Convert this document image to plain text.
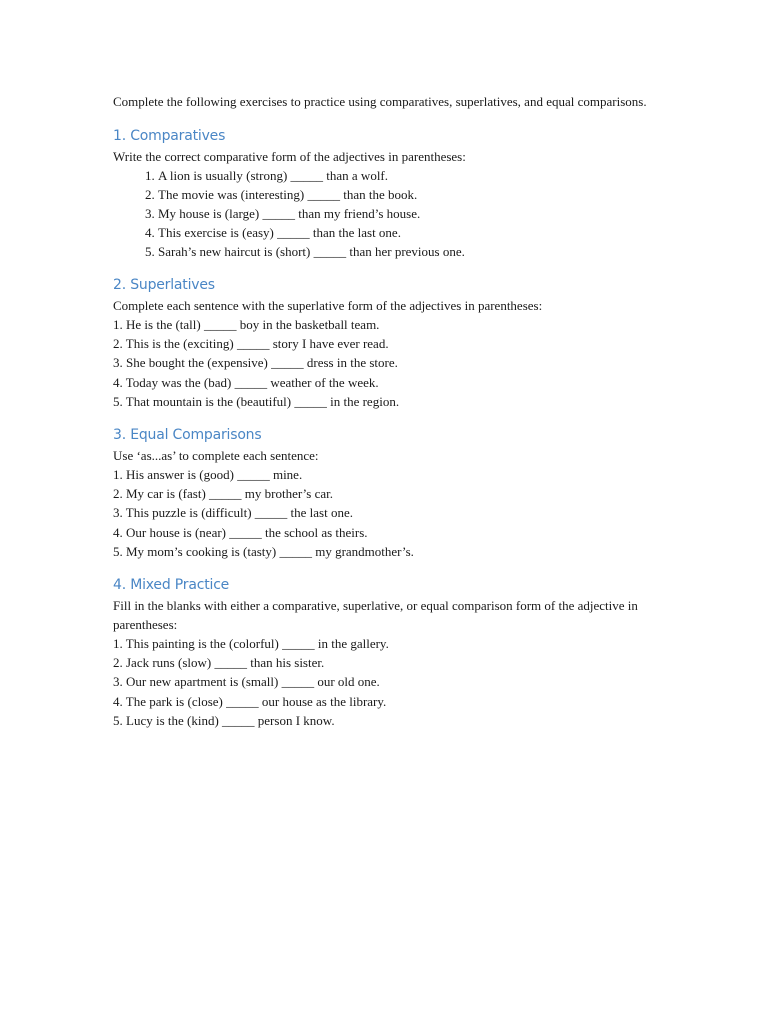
Complete the following exercises to practice using comparatives, superlatives, and equal comparisons.

1. Comparatives

Write the correct comparative form of the adjectives in parentheses:

1. A lion is usually (strong) _____ than a wolf.
2. The movie was (interesting) _____ than the book.
3. My house is (large) _____ than my friend’s house.
4. This exercise is (easy) _____ than the last one.
5. Sarah’s new haircut is (short) _____ than her previous one.
2. Superlatives

Complete each sentence with the superlative form of the adjectives in parentheses:

1. He is the (tall) _____ boy in the basketball team.
2. This is the (exciting) _____ story I have ever read.
3. She bought the (expensive) _____ dress in the store.
4. Today was the (bad) _____ weather of the week.
5. That mountain is the (beautiful) _____ in the region.
3. Equal Comparisons

Use ‘as...as’ to complete each sentence:

1. His answer is (good) _____ mine.
2. My car is (fast) _____ my brother’s car.
3. This puzzle is (difficult) _____ the last one.
4. Our house is (near) _____ the school as theirs.
5. My mom’s cooking is (tasty) _____ my grandmother’s.
4. Mixed Practice

Fill in the blanks with either a comparative, superlative, or equal comparison form of the adjective in parentheses:

1. This painting is the (colorful) _____ in the gallery.
2. Jack runs (slow) _____ than his sister.
3. Our new apartment is (small) _____ our old one.
4. The park is (close) _____ our house as the library.
5. Lucy is the (kind) _____ person I know.
